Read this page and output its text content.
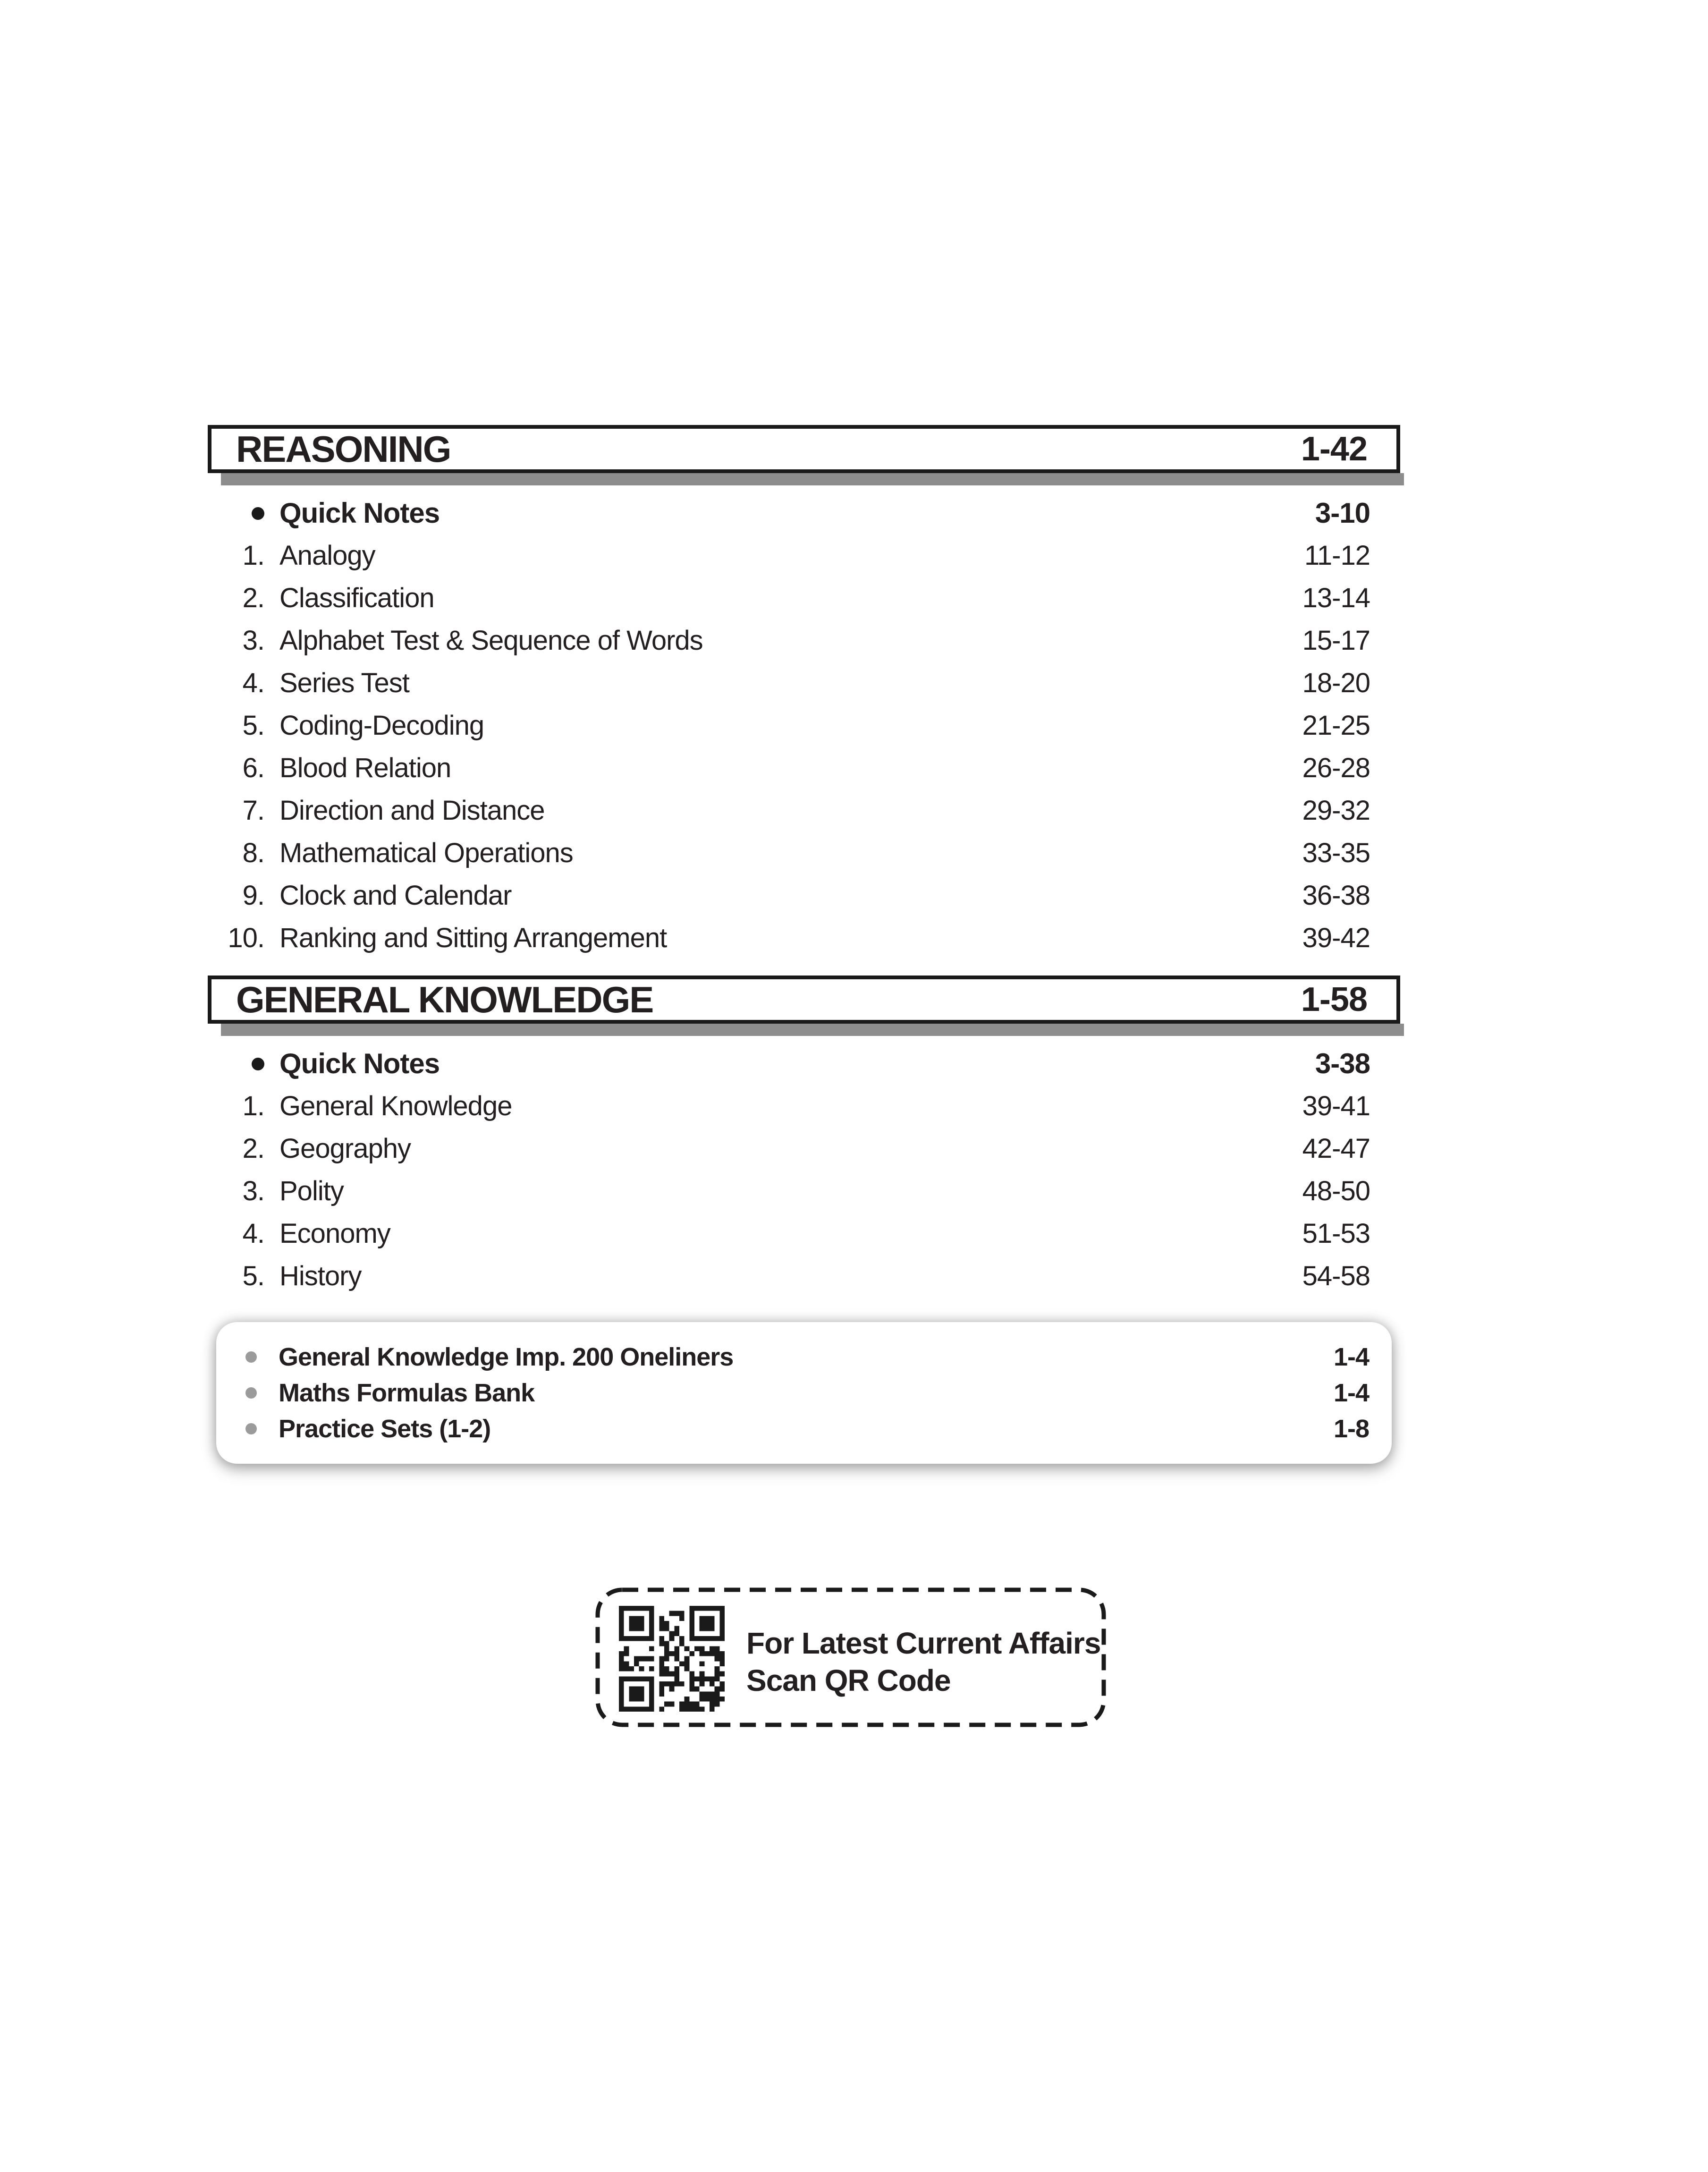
REASONING	1-42
Quick Notes	3-10
1. Analogy	11-12
2. Classification	13-14
3. Alphabet Test & Sequence of Words	15-17
4. Series Test	18-20
5. Coding-Decoding	21-25
6. Blood Relation	26-28
7. Direction and Distance	29-32
8. Mathematical Operations	33-35
9. Clock and Calendar	36-38
10. Ranking and Sitting Arrangement	39-42
GENERAL KNOWLEDGE	1-58
Quick Notes	3-38
1. General Knowledge	39-41
2. Geography	42-47
3. Polity	48-50
4. Economy	51-53
5. History	54-58
General Knowledge Imp. 200 Oneliners	1-4
Maths Formulas Bank	1-4
Practice Sets (1-2)	1-8
For Latest Current Affairs
Scan QR Code
